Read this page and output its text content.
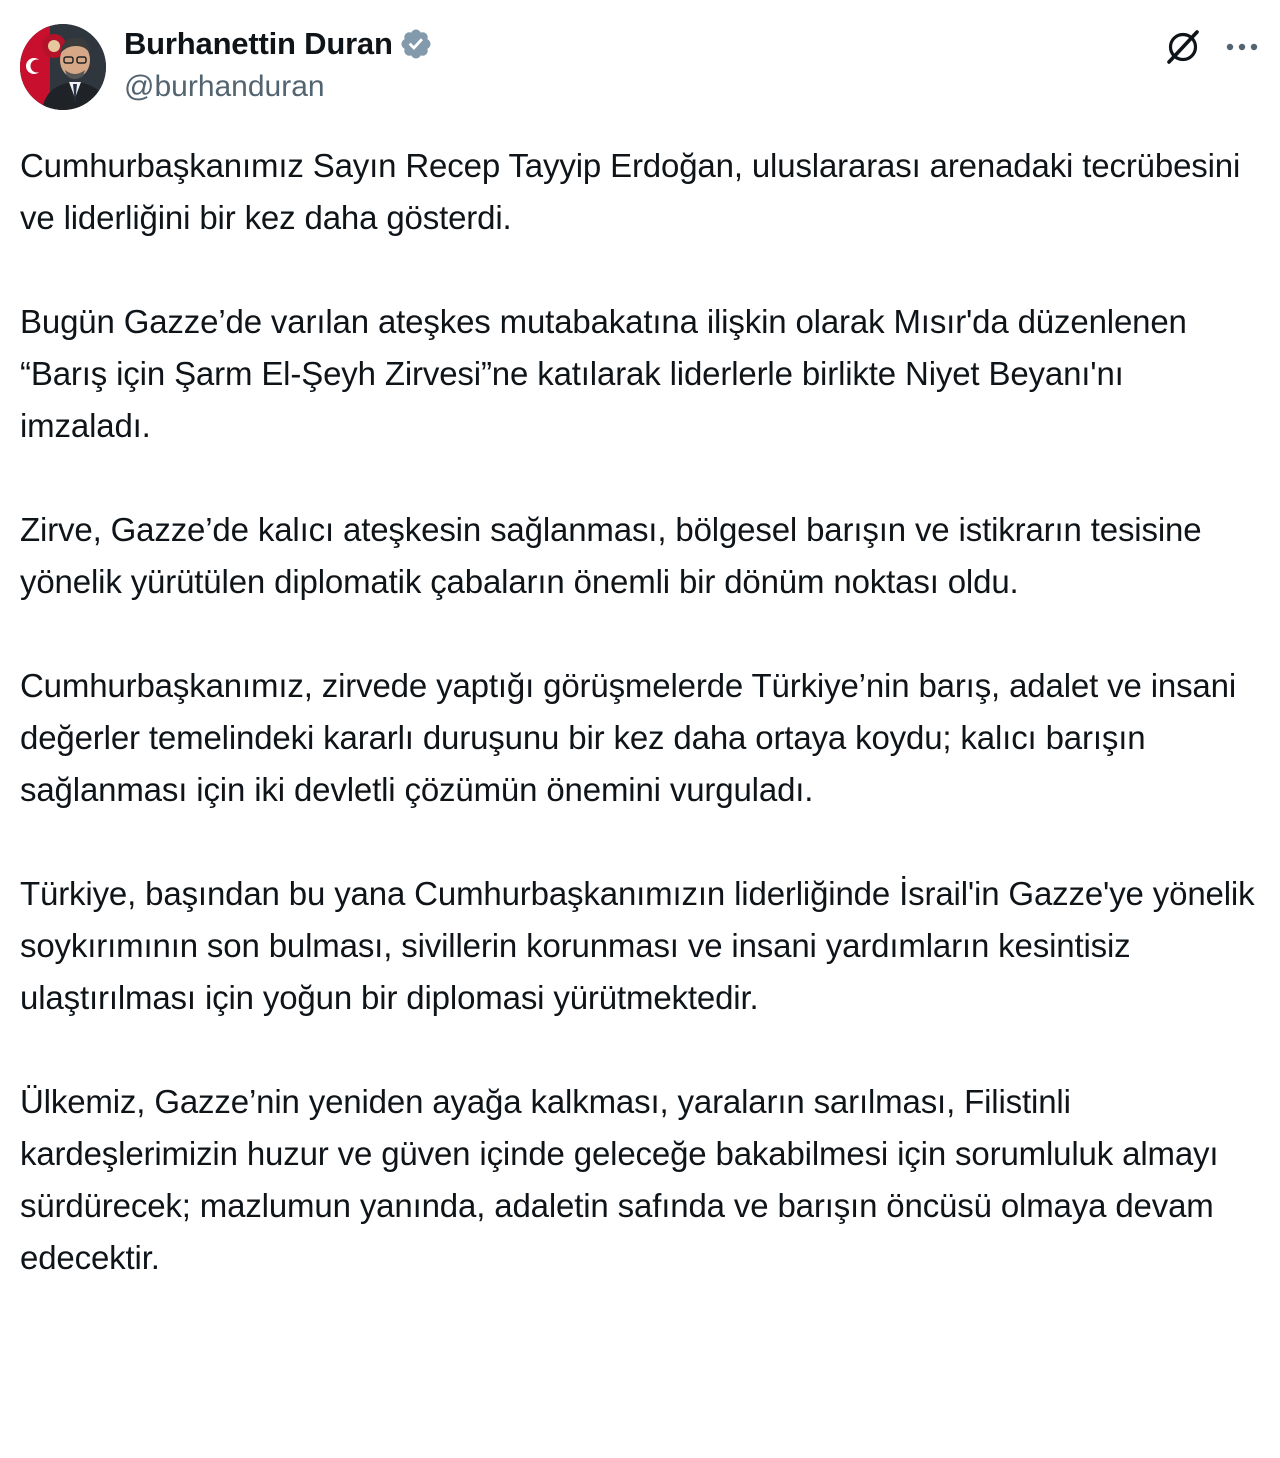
Burhanettin Duran
@burhanduran

Cumhurbaşkanımız Sayın Recep Tayyip Erdoğan, uluslararası arenadaki tecrübesini ve liderliğini bir kez daha gösterdi.

Bugün Gazze’de varılan ateşkes mutabakatına ilişkin olarak Mısır'da düzenlenen “Barış için Şarm El-Şeyh Zirvesi”ne katılarak liderlerle birlikte Niyet Beyanı'nı imzaladı.

Zirve, Gazze’de kalıcı ateşkesin sağlanması, bölgesel barışın ve istikrarın tesisine yönelik yürütülen diplomatik çabaların önemli bir dönüm noktası oldu.

Cumhurbaşkanımız, zirvede yaptığı görüşmelerde Türkiye’nin barış, adalet ve insani değerler temelindeki kararlı duruşunu bir kez daha ortaya koydu; kalıcı barışın sağlanması için iki devletli çözümün önemini vurguladı.

Türkiye, başından bu yana Cumhurbaşkanımızın liderliğinde İsrail'in Gazze'ye yönelik soykırımının son bulması, sivillerin korunması ve insani yardımların kesintisiz ulaştırılması için yoğun bir diplomasi yürütmektedir.

Ülkemiz, Gazze’nin yeniden ayağa kalkması, yaraların sarılması, Filistinli kardeşlerimizin huzur ve güven içinde geleceğe bakabilmesi için sorumluluk almayı sürdürecek; mazlumun yanında, adaletin safında ve barışın öncüsü olmaya devam edecektir.
